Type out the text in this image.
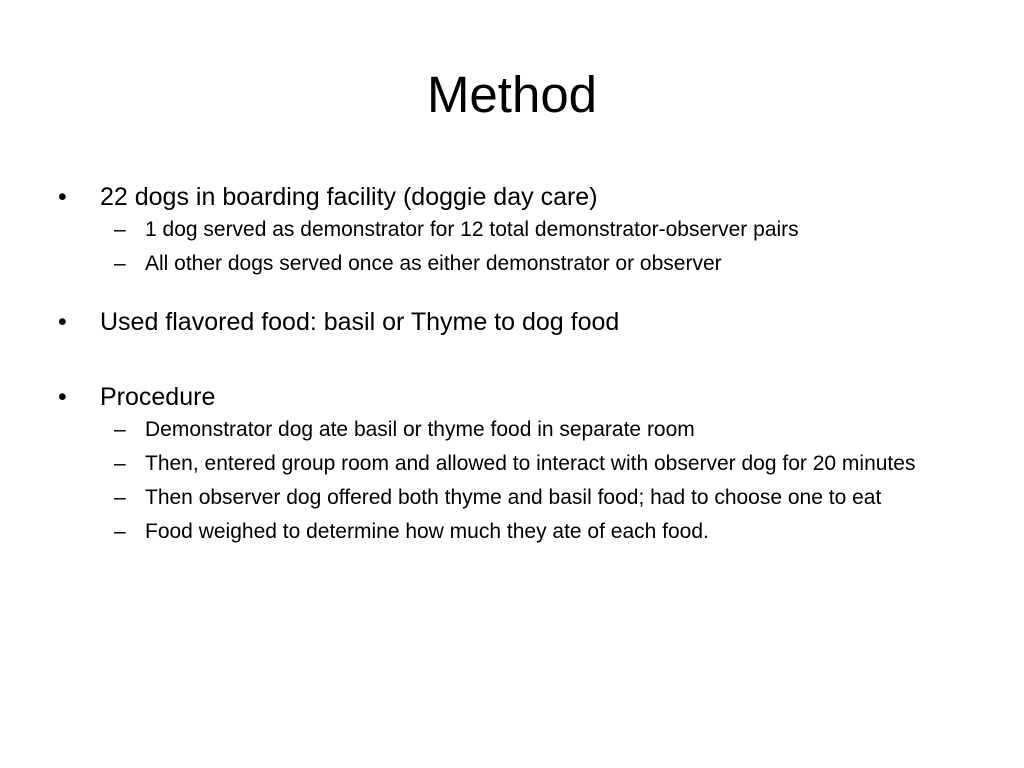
Method
•	22 dogs in boarding facility (doggie day care)
– 1 dog served as demonstrator for 12 total demonstrator-observer pairs
– All other dogs served once as either demonstrator or observer
•	Used flavored food: basil or Thyme to dog food
•	Procedure
– Demonstrator dog ate basil or thyme food in separate room
– Then, entered group room and allowed to interact with observer dog for 20 minutes
– Then observer dog offered both thyme and basil food; had to choose one to eat
– Food weighed to determine how much they ate of each food.
